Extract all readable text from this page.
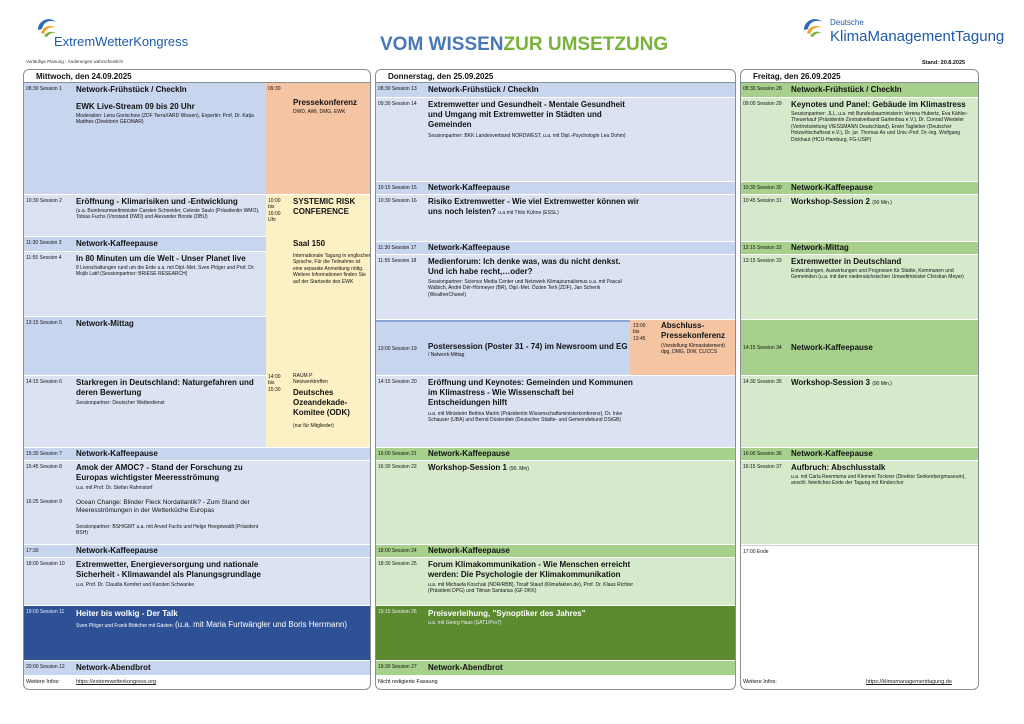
ExtremWetterKongress	VOM WISSEN ZUR UMSETZUNG
Deutsche
KlimaManagementTagung
Vorläufige Planung - Änderungen wahrscheinlich	Stand: 20.8.2025
Mittwoch, den 24.09.2025
08:30 Session 1 Network-Frühstück / CheckIn
EWK Live-Stream 09 bis 20 Uhr
Moderation: Lena Gorischow (ZDF TerraXARD Wissen), Expertin: Prof. Dr. Katja Matthes (Direktorin GEOMAR)
09:30
Pressekonferenz
DWD, AWI, DMG, EWK
10:30 Session 2 Eröffnung - Klimarisiken und -Entwicklung
(u.a. Bundesumweltminister Carsten Schneider, Celeste Saulo (Präsidentin WMO), Tobias Fuchs (Vorstand DWD) und Alexander Bonde (DBU)
10:00
bis
16:00
Uhr
SYSTEMIC RISK CONFERENCE
Saal 150
Internationale Tagung in englischer Sprache. Für die Teilnahme ist eine separate Anmeldung nötig. Weitere Informationen finden Sie auf der Startseite des EWK
14:00
bis
15:30
RAUM P
Netzwerktreffen
Deutsches Ozeandekade-Komitee (ODK)
(nur für Mitglieder)
11:30 Session 3 Network-Kaffeepause
11:55 Session 4 In 80 Minuten um die Welt - Unser Planet live
8 Liveschaltungen rund um die Erde u.a. mit Dipl.-Met. Sven Plöger und Prof. Dr. Mojib Latif (Sessionpartner: BRIESE RESEARCH)
13:15 Session 5 Network-Mittag
14:15 Session 6 Starkregen in Deutschland: Naturgefahren und deren Bewertung
Sessionpartner: Deutscher Wetterdienst
15:30 Session 7 Network-Kaffeepause
15:45 Session 8 Amok der AMOC? - Stand der Forschung zu Europas wichtigster Meeresströmung
u.a. mit Prof. Dr. Stefan Rahmstorf
16:25 Session 9 Ocean Change: Blinder Fleck Nordatlantik? - Zum Stand der Meeresströmungen in der Wetterküche Europas
Sessionpartner: BSH/GMT u.a. mit Arved Fuchs und Helge Heegewaldt (Präsident BSH)
17:30	Network-Kaffeepause
18:00 Session 10 Extremwetter, Energieversorgung und nationale Sicherheit - Klimawandel als Planungsgrundlage
u.a. Prof. Dr. Claudia Kemfert und Karsten Schwanke
19:00 Session 11 Heiter bis wolkig - Der Talk
Sven Plöger und Frank Böttcher mit Gästen (u.a. mit Maria Furtwängler und Boris Herrmann)
20:00 Session 12 Network-Abendbrot
Weitere Infos:	https://extremwetterkongress.org
Donnerstag, den 25.09.2025
08:30 Session 13 Network-Frühstück / CheckIn
09:30 Session 14 Extremwetter und Gesundheit - Mentale Gesundheit und Umgang mit Extremwetter in Städten und Gemeinden
Sessionpartner: BKK Landesverband NORDWEST, u.a. mit Dipl.-Psychologin Lea Dohm)
10:15 Session 15 Network-Kaffeepause
10:30 Session 16 Risiko Extremwetter - Wie viel Extremwetter können wir uns noch leisten? u.a mit Thilo Kühne (ESSL)
11:30 Session 17 Network-Kaffeepause
11:55 Session 18 Medienforum: Ich denke was, was du nicht denkst. Und ich habe recht,…oder?
Sessionpartner: Science Media Center und Netzwerk Klimajournalismus u.a. mit Pascal Walbich, André Dér-Hörmeyer (BR), Dipl.-Met. Özden Terli (ZDF), Jan Schenk (WeatherChanel)
13:00 Session 19 Postersession (Poster 31 - 74) im Newsroom und EG
/ Network-Mittag
13:00
bis
13:45
Abschluss-Pressekonferenz
(Vorstellung Klimastatement) dpg, DMG, DIW, CLICCS
14:15 Session 20 Eröffnung und Keynotes: Gemeinden und Kommunen im Klimastress - Wie Wissenschaft bei Entscheidungen hilft
u.a. mit Ministerin Bettina Martin (Präsidentin Wissenschaftsministerkonferenz), Dr. Inke Schauser (UBA) und Bernd Düsterdiek (Deutscher Städte- und Gemeindebund DStGB)
16:00 Session 21 Network-Kaffeepause
16:30 Session 22 Workshop-Session 1 (90. Min)
18:00 Session 24 Network-Kaffeepause
18:30 Session 25 Forum Klimakommunikation - Wie Menschen erreicht werden: Die Psychologie der Klimakommunikation
u.a. mit Michaela Koschak (NDR/RBB), Toralf Staud (Klimafakten.de), Prof. Dr. Klaus Richter (Präsident DPG) und Tilman Santarius (GF DKK)
19:15 Session 26 Preisverleihung, "Synoptiker des Jahres"
u.a. mit Georg Haas (SAT1/Pro7)
19:30 Session 27 Network-Abendbrot
Nicht redigierte Fassung
Freitag, den 26.09.2025
08:30 Session 28 Network-Frühstück / CheckIn
09:00 Session 29 Keynotes und Panel: Gebäude im Klimastress
Sessionpartner: JLL, u.a. mit Bundesbauministerin Verena Hubertz, Eva Kähler-Theuerkauf (Präsidentin Zentralverband Gartenbau e.V.), Dr. Conrad Wiedeler (Vertriebsleitung VIESSMANN Deutschland), Erwin Taglieber (Deutscher Holzwirtschaftsrat e.V.), Dr. jur. Thomas Ax und Univ.-Prof. Dr.-Ing. Wolfgang Dickhaut (HCU-Hamburg, FG-USIP)
10:30 Session 30 Network-Kaffeepause
10:45 Session 31 Workshop-Session 2 (90 Min.)
12:15 Session 32 Network-Mittag
13:15 Session 33 Extremwetter in Deutschland
Entwicklungen, Auswirkungen und Prognosen für Städte, Kommunen und Gemeinden (u.a. mit dem niedersächsischen Umweltminister Christian Meyer)
14:15 Session 34 Network-Kaffeepause
14:30 Session 35 Workshop-Session 3 (90 Min.)
16:00 Session 36 Network-Kaffeepause
16:15 Session 37 Aufbruch: Abschlusstalk
u.a. mit Carla Reemtsma und Klement Tockner (Direktor Senkenbergmuseum), anschl. feierliches Ende der Tagung mit Kinderchor
17:00 Ende
Weitere Infos:	https://klimamanagementtagung.de
